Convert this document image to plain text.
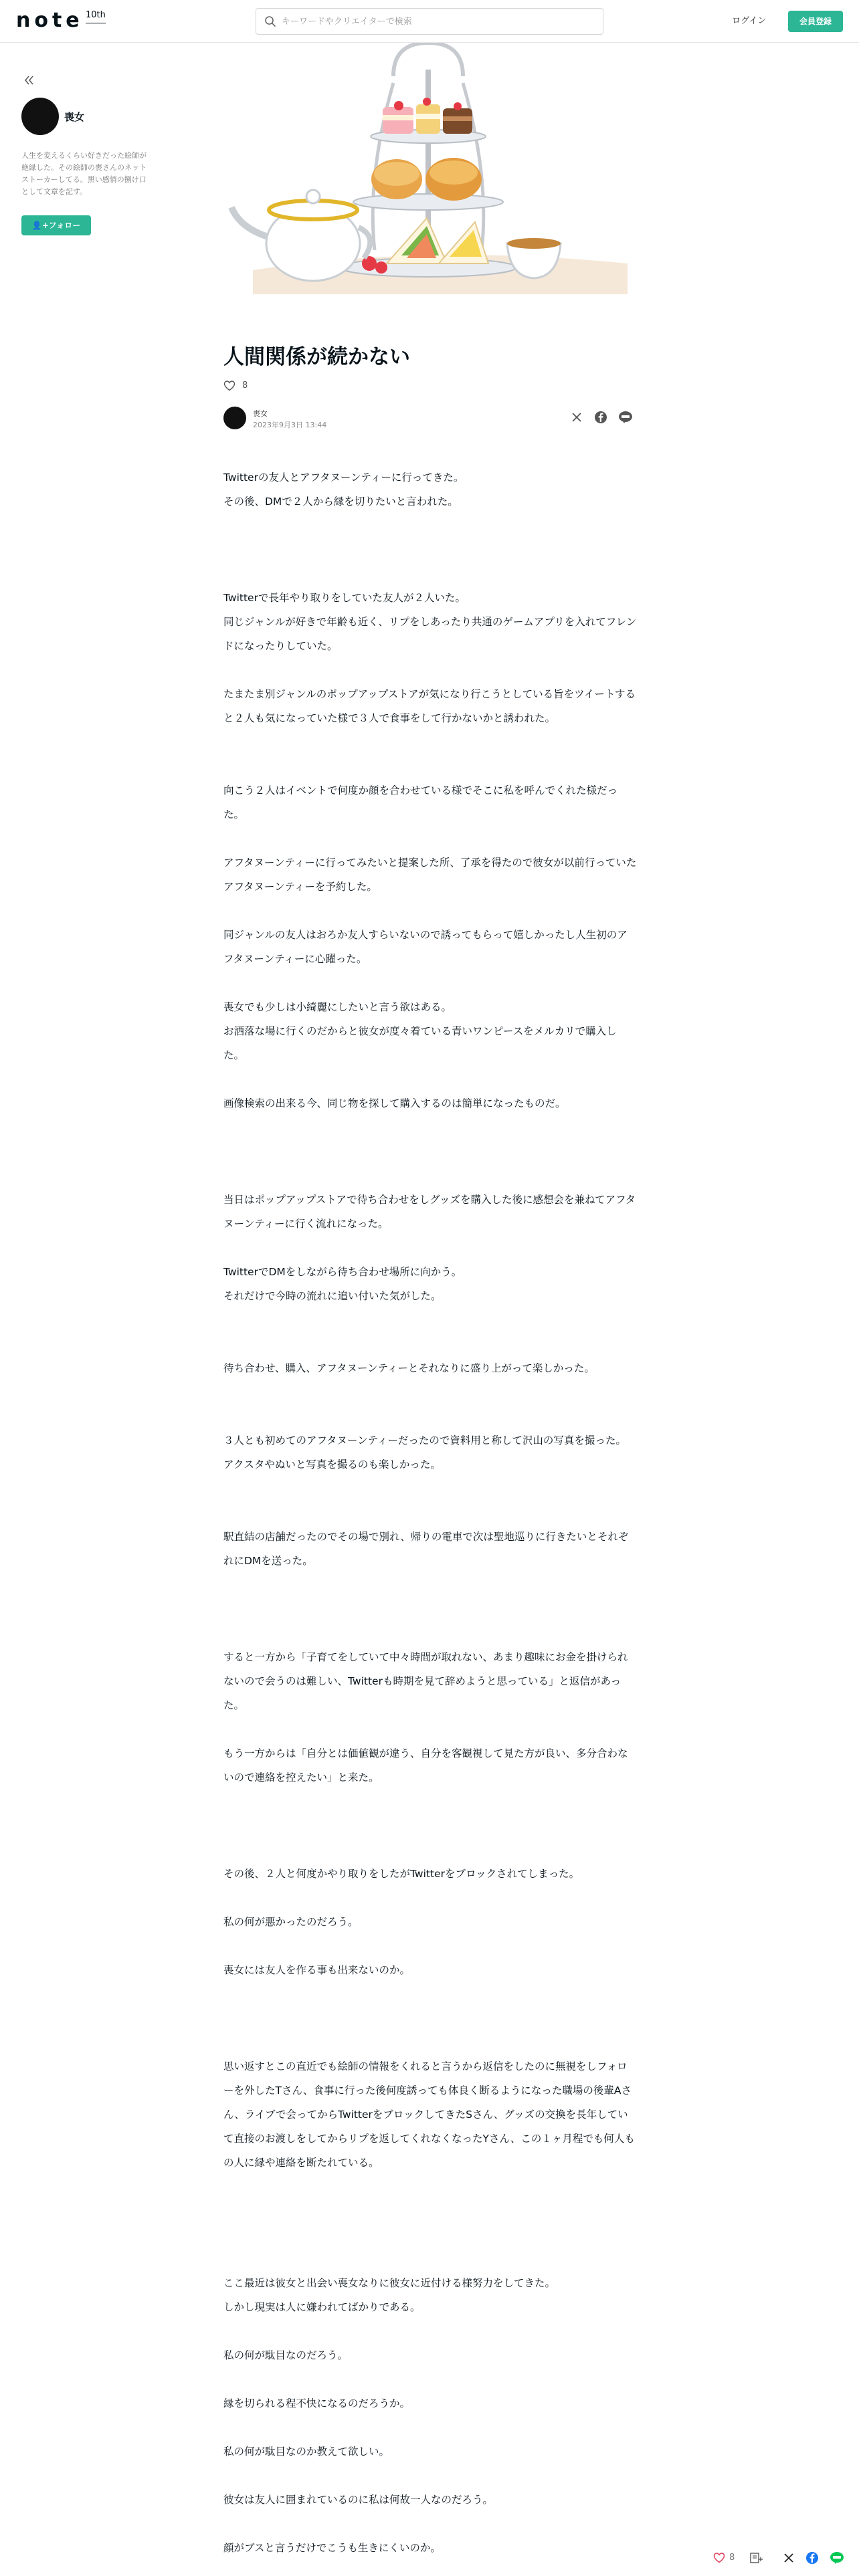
note 10th
キーワードやクリエイターで検索
ログイン	会員登録
喪女
人生を変えるくらい好きだった絵師が絶縁した。その絵師の喪さんのネットストーカーしてる。黒い感情の捌け口として文章を記す。
👤+フォロー
人間関係が続かない
8
喪女
2023年9月3日 13:44

Twitterの友人とアフタヌーンティーに行ってきた。
その後、DMで２人から縁を切りたいと言われた。

Twitterで長年やり取りをしていた友人が２人いた。
同じジャンルが好きで年齢も近く、リプをしあったり共通のゲームアプリを入れてフレンドになったりしていた。

たまたま別ジャンルのポップアップストアが気になり行こうとしている旨をツイートすると２人も気になっていた様で３人で食事をして行かないかと誘われた。

向こう２人はイベントで何度か顔を合わせている様でそこに私を呼んでくれた様だった。

アフタヌーンティーに行ってみたいと提案した所、了承を得たので彼女が以前行っていたアフタヌーンティーを予約した。

同ジャンルの友人はおろか友人すらいないので誘ってもらって嬉しかったし人生初のアフタヌーンティーに心躍った。

喪女でも少しは小綺麗にしたいと言う欲はある。
お洒落な場に行くのだからと彼女が度々着ている青いワンピースをメルカリで購入した。

画像検索の出来る今、同じ物を探して購入するのは簡単になったものだ。

当日はポップアップストアで待ち合わせをしグッズを購入した後に感想会を兼ねてアフタヌーンティーに行く流れになった。

TwitterでDMをしながら待ち合わせ場所に向かう。
それだけで今時の流れに追い付いた気がした。

待ち合わせ、購入、アフタヌーンティーとそれなりに盛り上がって楽しかった。

３人とも初めてのアフタヌーンティーだったので資料用と称して沢山の写真を撮った。
アクスタやぬいと写真を撮るのも楽しかった。

駅直結の店舗だったのでその場で別れ、帰りの電車で次は聖地巡りに行きたいとそれぞれにDMを送った。

すると一方から「子育てをしていて中々時間が取れない、あまり趣味にお金を掛けられないので会うのは難しい、Twitterも時期を見て辞めようと思っている」と返信があった。

もう一方からは「自分とは価値観が違う、自分を客観視して見た方が良い、多分合わないので連絡を控えたい」と来た。

その後、２人と何度かやり取りをしたがTwitterをブロックされてしまった。

私の何が悪かったのだろう。

喪女には友人を作る事も出来ないのか。

思い返すとこの直近でも絵師の情報をくれると言うから返信をしたのに無視をしフォローを外したTさん、食事に行った後何度誘っても体良く断るようになった職場の後輩Aさん、ライブで会ってからTwitterをブロックしてきたSさん、グッズの交換を長年していて直接のお渡しをしてからリプを返してくれなくなったYさん、この１ヶ月程でも何人もの人に縁や連絡を断たれている。

ここ最近は彼女と出会い喪女なりに彼女に近付ける様努力をしてきた。
しかし現実は人に嫌われてばかりである。

私の何が駄目なのだろう。

縁を切られる程不快になるのだろうか。

私の何が駄目なのか教えて欲しい。

彼女は友人に囲まれているのに私は何故一人なのだろう。

顔がブスと言うだけでこうも生きにくいのか。

8
